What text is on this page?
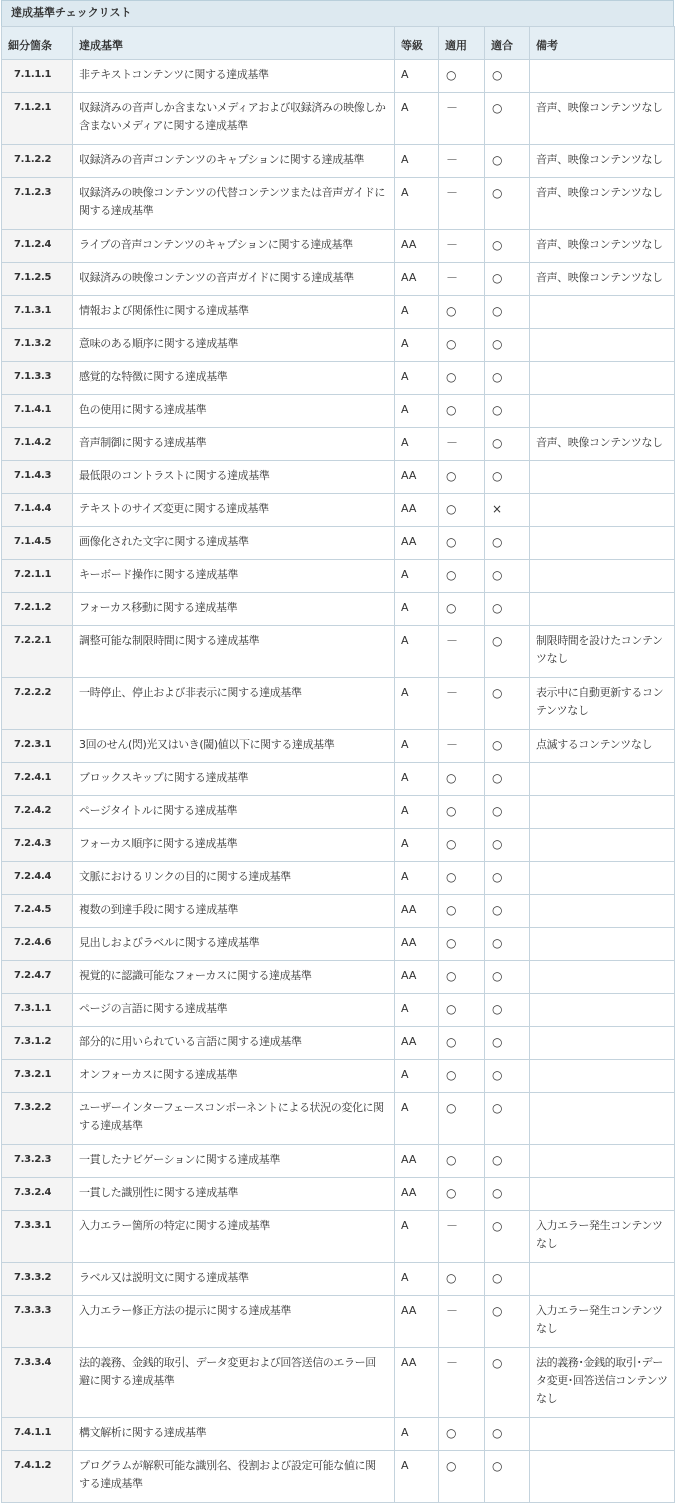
達成基準チェックリスト
細分箇条	達成基準	等級	適用	適合	備考
7.1.1.1	非テキストコンテンツに関する達成基準	A	○	○	
7.1.2.1	収録済みの音声しか含まないメディアおよび収録済みの映像しか含まないメディアに関する達成基準	A	－	○	音声、映像コンテンツなし
7.1.2.2	収録済みの音声コンテンツのキャプションに関する達成基準	A	－	○	音声、映像コンテンツなし
7.1.2.3	収録済みの映像コンテンツの代替コンテンツまたは音声ガイドに関する達成基準	A	－	○	音声、映像コンテンツなし
7.1.2.4	ライブの音声コンテンツのキャプションに関する達成基準	AA	－	○	音声、映像コンテンツなし
7.1.2.5	収録済みの映像コンテンツの音声ガイドに関する達成基準	AA	－	○	音声、映像コンテンツなし
7.1.3.1	情報および関係性に関する達成基準	A	○	○	
7.1.3.2	意味のある順序に関する達成基準	A	○	○	
7.1.3.3	感覚的な特徴に関する達成基準	A	○	○	
7.1.4.1	色の使用に関する達成基準	A	○	○	
7.1.4.2	音声制御に関する達成基準	A	－	○	音声、映像コンテンツなし
7.1.4.3	最低限のコントラストに関する達成基準	AA	○	○	
7.1.4.4	テキストのサイズ変更に関する達成基準	AA	○	×	
7.1.4.5	画像化された文字に関する達成基準	AA	○	○	
7.2.1.1	キーボード操作に関する達成基準	A	○	○	
7.2.1.2	フォーカス移動に関する達成基準	A	○	○	
7.2.2.1	調整可能な制限時間に関する達成基準	A	－	○	制限時間を設けたコンテンツなし
7.2.2.2	一時停止、停止および非表示に関する達成基準	A	－	○	表示中に自動更新するコンテンツなし
7.2.3.1	3回のせん(閃)光又はいき(閾)値以下に関する達成基準	A	－	○	点滅するコンテンツなし
7.2.4.1	ブロックスキップに関する達成基準	A	○	○	
7.2.4.2	ページタイトルに関する達成基準	A	○	○	
7.2.4.3	フォーカス順序に関する達成基準	A	○	○	
7.2.4.4	文脈におけるリンクの目的に関する達成基準	A	○	○	
7.2.4.5	複数の到達手段に関する達成基準	AA	○	○	
7.2.4.6	見出しおよびラベルに関する達成基準	AA	○	○	
7.2.4.7	視覚的に認識可能なフォーカスに関する達成基準	AA	○	○	
7.3.1.1	ページの言語に関する達成基準	A	○	○	
7.3.1.2	部分的に用いられている言語に関する達成基準	AA	○	○	
7.3.2.1	オンフォーカスに関する達成基準	A	○	○	
7.3.2.2	ユーザーインターフェースコンポーネントによる状況の変化に関する達成基準	A	○	○	
7.3.2.3	一貫したナビゲーションに関する達成基準	AA	○	○	
7.3.2.4	一貫した識別性に関する達成基準	AA	○	○	
7.3.3.1	入力エラー箇所の特定に関する達成基準	A	－	○	入力エラー発生コンテンツなし
7.3.3.2	ラベル又は説明文に関する達成基準	A	○	○	
7.3.3.3	入力エラー修正方法の提示に関する達成基準	AA	－	○	入力エラー発生コンテンツなし
7.3.3.4	法的義務、金銭的取引、データ変更および回答送信のエラー回避に関する達成基準	AA	－	○	法的義務･金銭的取引･データ変更･回答送信コンテンツなし
7.4.1.1	構文解析に関する達成基準	A	○	○	
7.4.1.2	プログラムが解釈可能な識別名、役割および設定可能な値に関する達成基準	A	○	○	
